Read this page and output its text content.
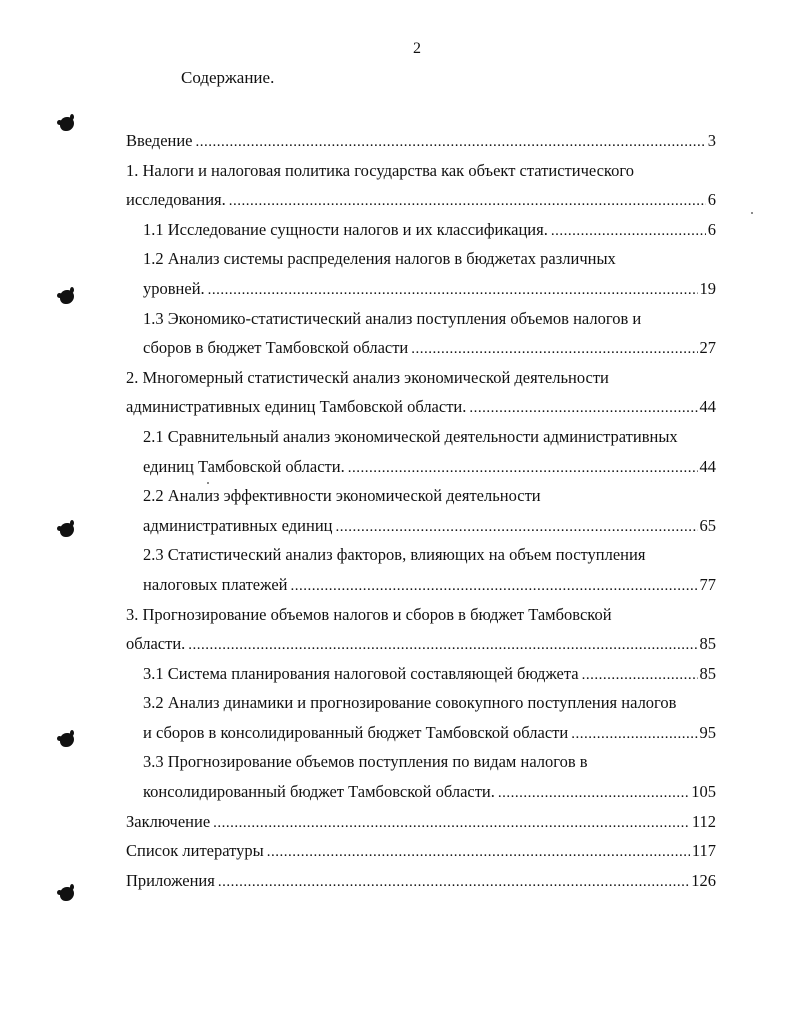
2
Содержание.
Введение .....	3
1. Налоги и налоговая политика государства как объект статистического
исследования. .....	6
1.1 Исследование сущности налогов и их классификация. .....	6
1.2 Анализ системы распределения налогов в бюджетах различных
уровней. .....	19
1.3 Экономико-статистический анализ поступления объемов налогов и
сборов в бюджет Тамбовской области .....	27
2. Многомерный статистическй анализ экономической деятельности
административных единиц Тамбовской области. .....	44
2.1 Сравнительный анализ экономической деятельности административных
единиц Тамбовской области. .....	44
2.2 Анализ эффективности экономической деятельности
административных единиц .....	65
2.3 Статистический анализ факторов, влияющих на объем поступления
налоговых платежей .....	77
3. Прогнозирование объемов налогов и сборов в бюджет Тамбовской
области. .....	85
3.1 Система планирования налоговой составляющей бюджета .....	85
3.2 Анализ динамики и прогнозирование совокупного поступления налогов
и сборов в консолидированный бюджет Тамбовской области .....	95
3.3 Прогнозирование объемов поступления по видам налогов в
консолидированный бюджет Тамбовской области. .....	105
Заключение .....	112
Список литературы .....	117
Приложения .....	126
